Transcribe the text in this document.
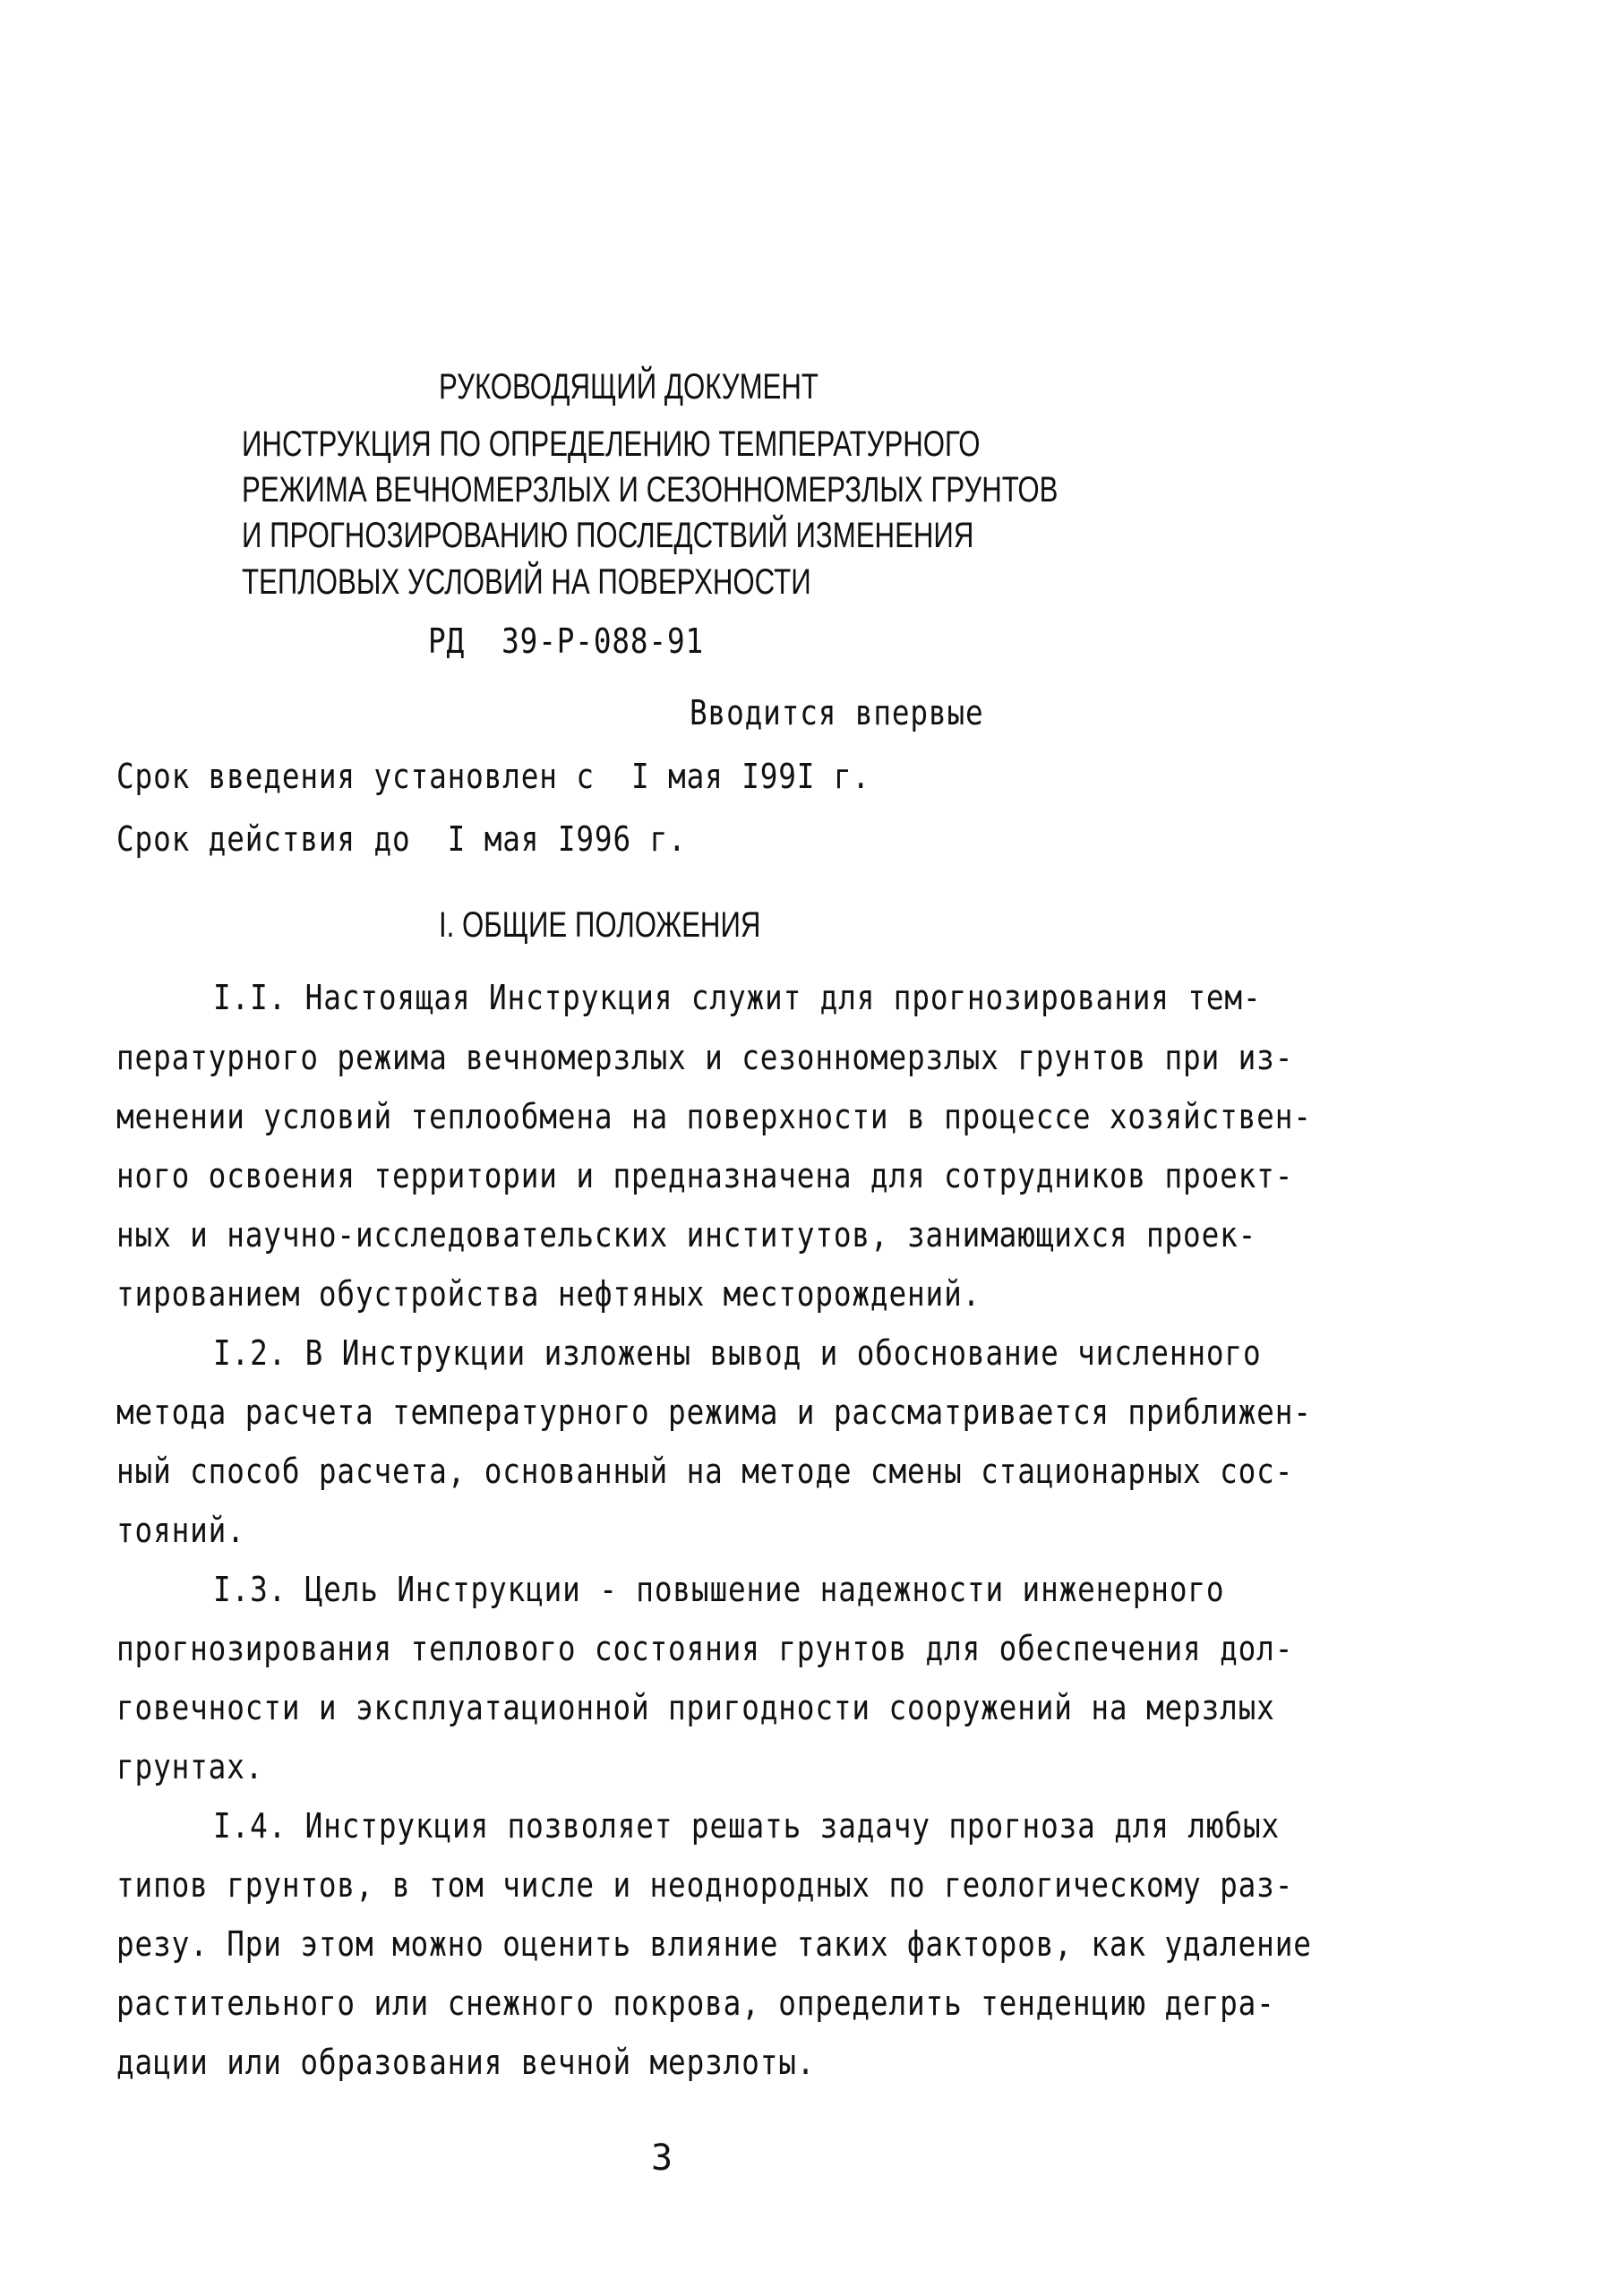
РУКОВОДЯЩИЙ ДОКУМЕНТ
ИНСТРУКЦИЯ ПО ОПРЕДЕЛЕНИЮ ТЕМПЕРАТУРНОГО
РЕЖИМА ВЕЧНОМЕРЗЛЫХ И СЕЗОННОМЕРЗЛЫХ ГРУНТОВ
И ПРОГНОЗИРОВАНИЮ ПОСЛЕДСТВИЙ ИЗМЕНЕНИЯ
ТЕПЛОВЫХ УСЛОВИЙ НА ПОВЕРХНОСТИ
РД  39-Р-088-91
Вводится впервые
Срок введения установлен с  I мая I99I г.
Срок действия до  I мая I996 г.
I. ОБЩИЕ ПОЛОЖЕНИЯ
I.I. Настоящая Инструкция служит для прогнозирования тем-
пературного режима вечномерзлых и сезонномерзлых грунтов при из-
менении условий теплообмена на поверхности в процессе хозяйствен-
ного освоения территории и предназначена для сотрудников проект-
ных и научно-исследовательских институтов, занимающихся проек-
тированием обустройства нефтяных месторождений.
I.2. В Инструкции изложены вывод и обоснование численного
метода расчета температурного режима и рассматривается приближен-
ный способ расчета, основанный на методе смены стационарных сос-
тояний.
I.3. Цель Инструкции - повышение надежности инженерного
прогнозирования теплового состояния грунтов для обеспечения дол-
говечности и эксплуатационной пригодности сооружений на мерзлых
грунтах.
I.4. Инструкция позволяет решать задачу прогноза для любых
типов грунтов, в том числе и неоднородных по геологическому раз-
резу. При этом можно оценить влияние таких факторов, как удаление
растительного или снежного покрова, определить тенденцию дегра-
дации или образования вечной мерзлоты.
3
